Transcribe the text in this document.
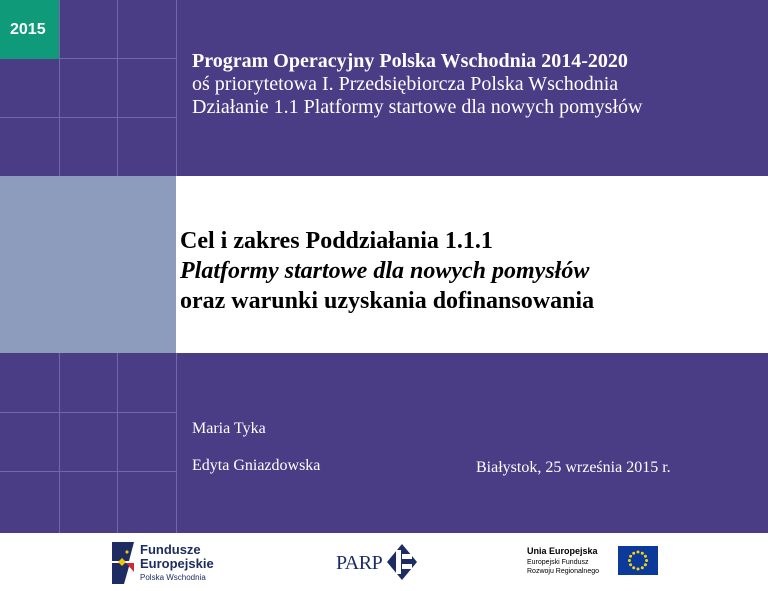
2015
Program Operacyjny Polska Wschodnia 2014-2020
oś priorytetowa I. Przedsiębiorcza Polska Wschodnia
Działanie 1.1 Platformy startowe dla nowych pomysłów
Cel i zakres Poddziałania 1.1.1
Platformy startowe dla nowych pomysłów
oraz warunki uzyskania dofinansowania
Maria Tyka
Edyta Gniazdowska	Białystok, 25 września 2015 r.
Fundusze
Europejskie
Polska Wschodnia
PARP
Unia Europejska
Europejski Fundusz
Rozwoju Regionalnego
